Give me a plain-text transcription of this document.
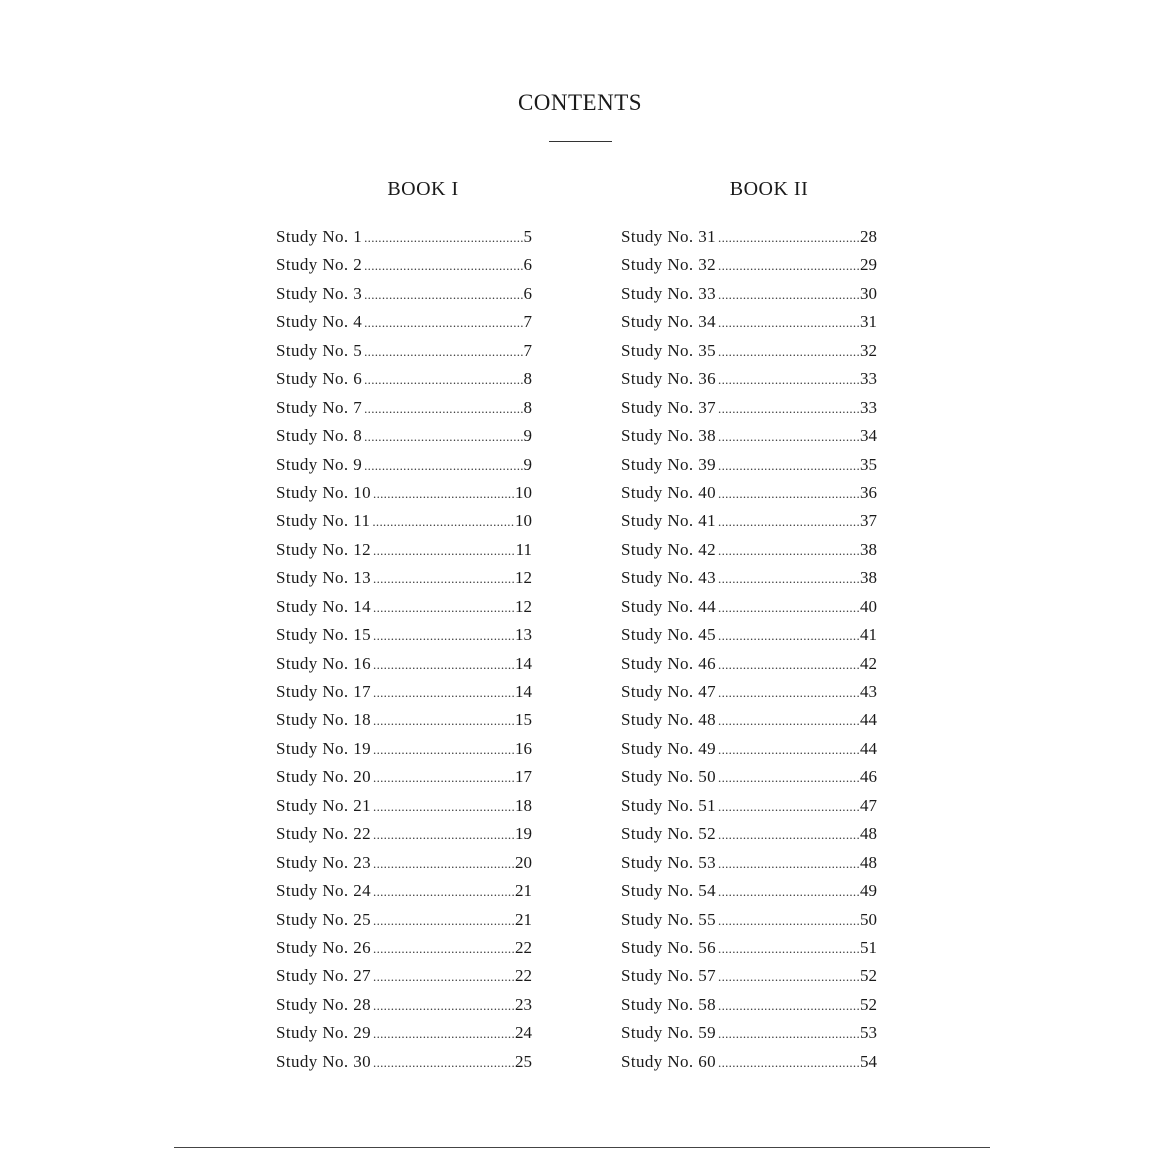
CONTENTS
BOOK I	BOOK II
Study No. 1 .....	5
Study No. 2 .....	6
Study No. 3 .....	6
Study No. 4 .....	7
Study No. 5 .....	7
Study No. 6 .....	8
Study No. 7 .....	8
Study No. 8 .....	9
Study No. 9 .....	9
Study No. 10 .....	10
Study No. 11 .....	10
Study No. 12 .....	11
Study No. 13 .....	12
Study No. 14 .....	12
Study No. 15 .....	13
Study No. 16 .....	14
Study No. 17 .....	14
Study No. 18 .....	15
Study No. 19 .....	16
Study No. 20 .....	17
Study No. 21 .....	18
Study No. 22 .....	19
Study No. 23 .....	20
Study No. 24 .....	21
Study No. 25 .....	21
Study No. 26 .....	22
Study No. 27 .....	22
Study No. 28 .....	23
Study No. 29 .....	24
Study No. 30 .....	25
Study No. 31 .....	28
Study No. 32 .....	29
Study No. 33 .....	30
Study No. 34 .....	31
Study No. 35 .....	32
Study No. 36 .....	33
Study No. 37 .....	33
Study No. 38 .....	34
Study No. 39 .....	35
Study No. 40 .....	36
Study No. 41 .....	37
Study No. 42 .....	38
Study No. 43 .....	38
Study No. 44 .....	40
Study No. 45 .....	41
Study No. 46 .....	42
Study No. 47 .....	43
Study No. 48 .....	44
Study No. 49 .....	44
Study No. 50 .....	46
Study No. 51 .....	47
Study No. 52 .....	48
Study No. 53 .....	48
Study No. 54 .....	49
Study No. 55 .....	50
Study No. 56 .....	51
Study No. 57 .....	52
Study No. 58 .....	52
Study No. 59 .....	53
Study No. 60 .....	54
